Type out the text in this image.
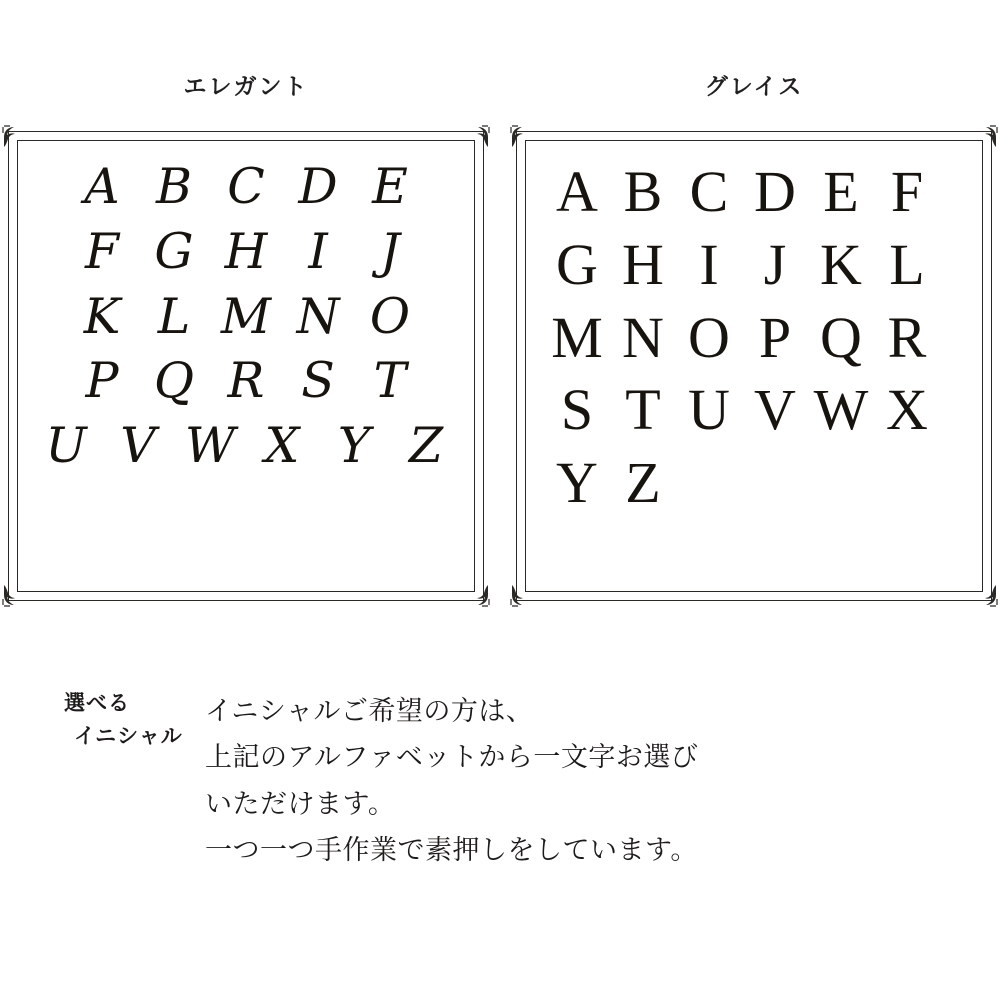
エレガント
A B C D E
F G H I	J
K L M N O
P Q R S T
U V W X Y Z
グレイス
A B C D E F
G H I J K L
M N O P Q R
S T U V W X
Y Z
選べる
イニシャル

イニシャルご希望の方は、

上記のアルファベットから一文字お選び

いただけます。

一つ一つ手作業で素押しをしています。
